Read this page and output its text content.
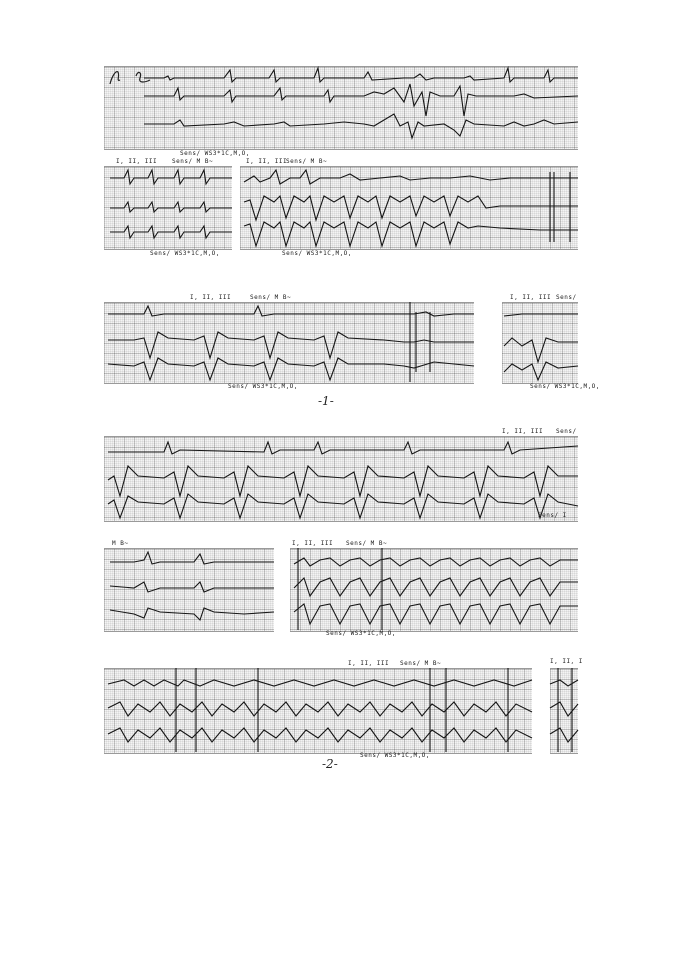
Sens/ WS3*1C,M,O,
I, II, III Sens/ M B~
Sens/ WS3*1C,M,O,
I, II, III
Sens/ M B~
Sens/ WS3*1C,M,O,
I, II, III	Sens/ M B~
Sens/ WS3*1C,M,O,
I, II, III Sens/
Sens/ WS3*1C,M,O,
-1-
I, II, III Sens/
Sens/ I
M B~	I, II, III Sens/ M B~
Sens/ WS3*1C,M,O,
I, II, III Sens/ M B~
Sens/ WS3*1C,M,O,
I, II, I
-2-
